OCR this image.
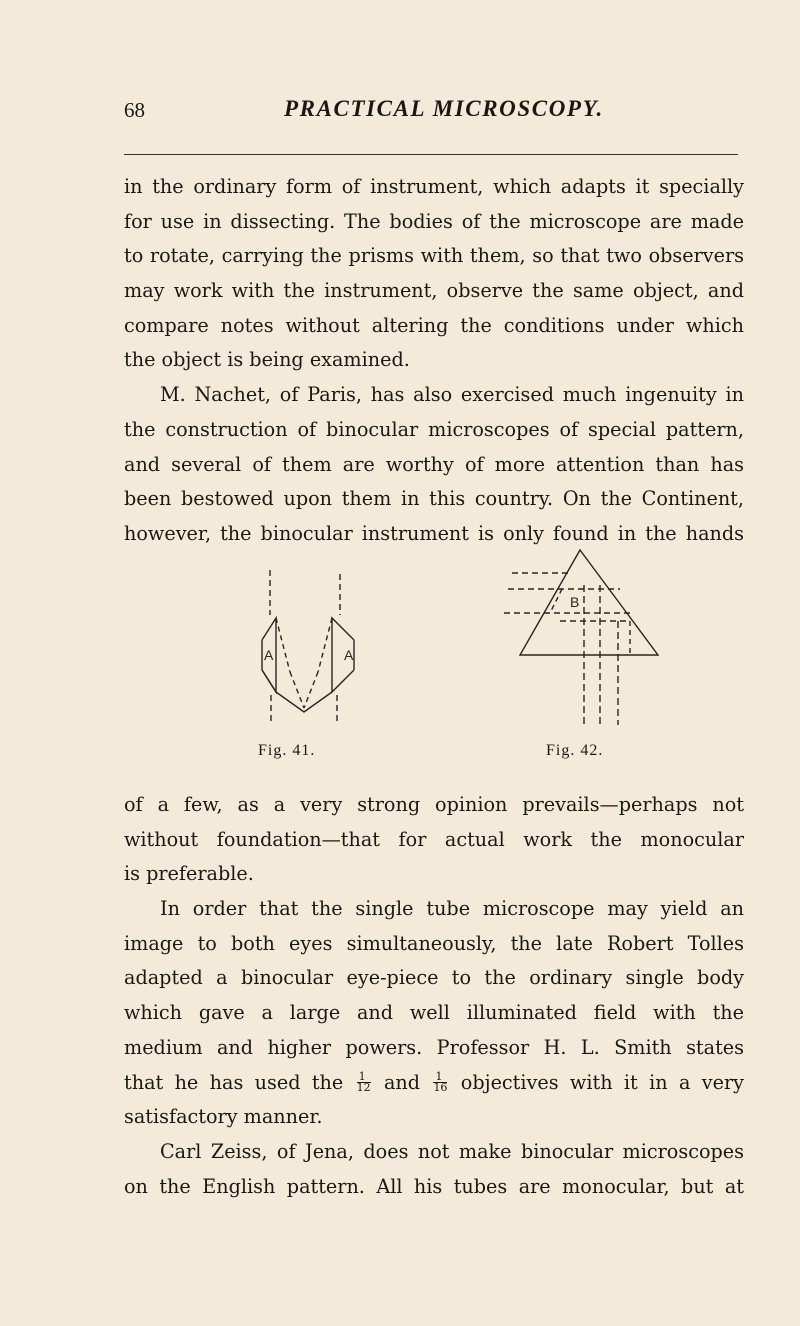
68	PRACTICAL MICROSCOPY.
in the ordinary form of instrument, which adapts it specially
for use in dissecting. The bodies of the microscope are made
to rotate, carrying the prisms with them, so that two observers
may work with the instrument, observe the same object, and
compare notes without altering the conditions under which
the object is being examined.
M. Nachet, of Paris, has also exercised much ingenuity in
the construction of binocular microscopes of special pattern,
and several of them are worthy of more attention than has
been bestowed upon them in this country. On the Continent,
however, the binocular instrument is only found in the hands
A	A
B
Fig. 41.	Fig. 42.
of a few, as a very strong opinion prevails—perhaps not
without foundation—that for actual work the monocular
is preferable.
In order that the single tube microscope may yield an
image to both eyes simultaneously, the late Robert Tolles
adapted a binocular eye-piece to the ordinary single body
which gave a large and well illuminated field with the
medium and higher powers. Professor H. L. Smith states
that he has used the $\frac{1}{12}$ and $\frac{1}{16}$ objectives with it in a very
satisfactory manner.
Carl Zeiss, of Jena, does not make binocular microscopes
on the English pattern. All his tubes are monocular, but at
